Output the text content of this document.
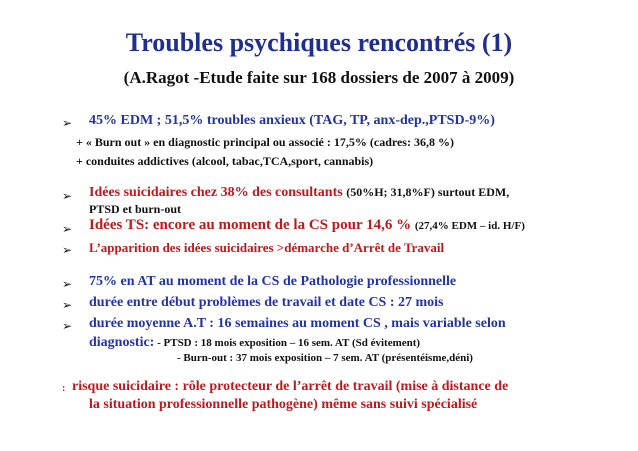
Troubles psychiques rencontrés (1)
(A.Ragot -Etude faite sur 168 dossiers de 2007 à 2009)
➢ 45% EDM ; 51,5% troubles anxieux (TAG, TP, anx-dep.,PTSD-9%)
+ « Burn out » en diagnostic principal ou associé : 17,5% (cadres: 36,8 %)
+ conduites addictives (alcool, tabac,TCA,sport, cannabis)
➢ Idées suicidaires chez 38% des consultants (50%H; 31,8%F) surtout EDM,
PTSD et burn-out
➢ Idées TS: encore au moment de la CS pour 14,6 % (27,4% EDM – id. H/F)
➢ L’apparition des idées suicidaires >démarche d’Arrêt de Travail
➢ 75% en AT au moment de la CS de Pathologie professionnelle
➢ durée entre début problèmes de travail et date CS : 27 mois
➢ durée moyenne A.T : 16 semaines au moment CS , mais variable selon
diagnostic: - PTSD : 18 mois exposition – 16 sem. AT (Sd évitement)
- Burn-out : 37 mois exposition – 7 sem. AT (présentéisme,déni)
: risque suicidaire : rôle protecteur de l’arrêt de travail (mise à distance de
la situation professionnelle pathogène) même sans suivi spécialisé
